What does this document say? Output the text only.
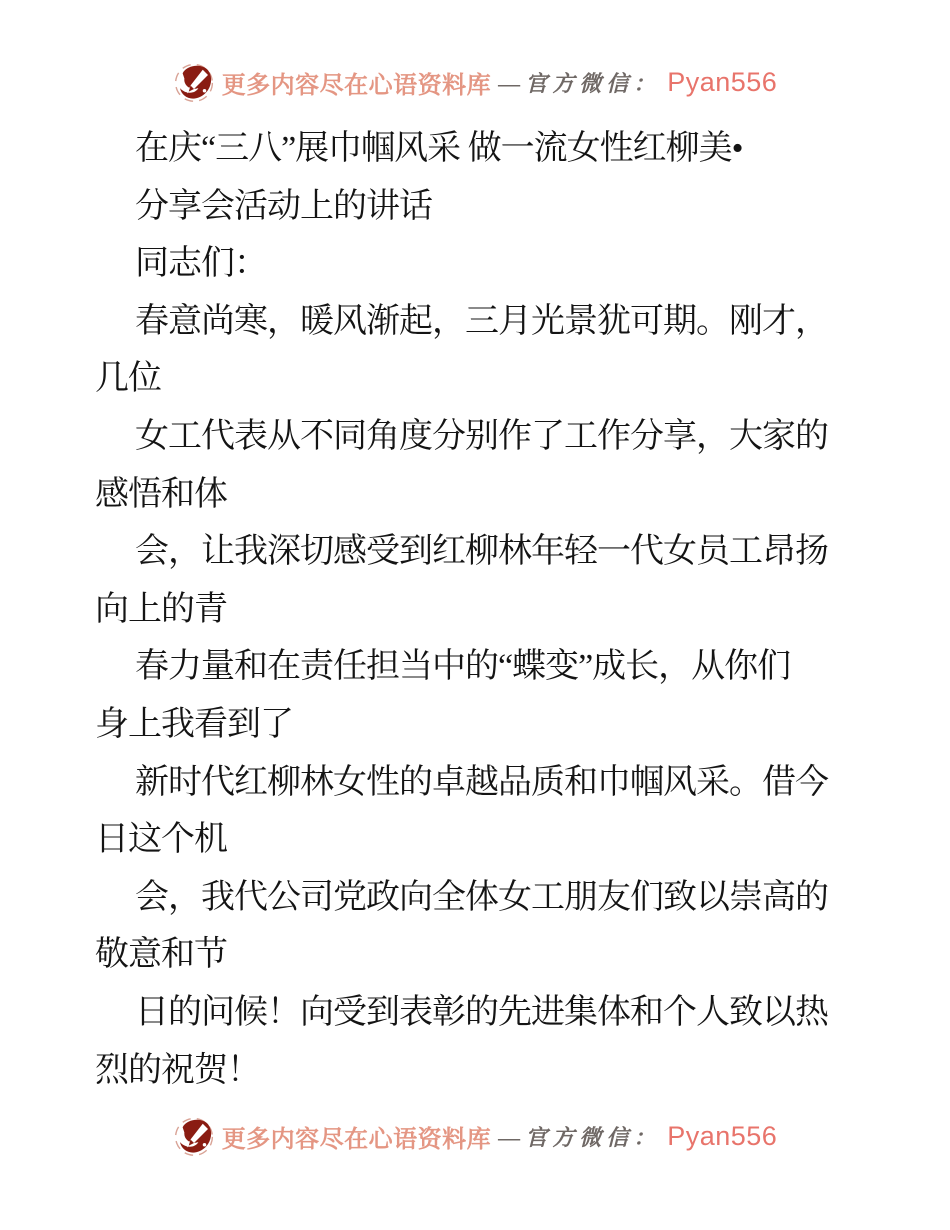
更多内容尽在心语资料库 —官方微信： Pyan556
在庆“三八”展巾帼风采 做一流女性红柳美•
分享会活动上的讲话
同志们：
春意尚寒，暖风渐起，三月光景犹可期。刚才，
几位
女工代表从不同角度分别作了工作分享，大家的
感悟和体
会，让我深切感受到红柳林年轻一代女员工昂扬
向上的青
春力量和在责任担当中的“蝶变”成长，从你们
身上我看到了
新时代红柳林女性的卓越品质和巾帼风采。借今
日这个机
会，我代公司党政向全体女工朋友们致以崇高的
敬意和节
日的问候！向受到表彰的先进集体和个人致以热
烈的祝贺！
更多内容尽在心语资料库 —官方微信： Pyan556
